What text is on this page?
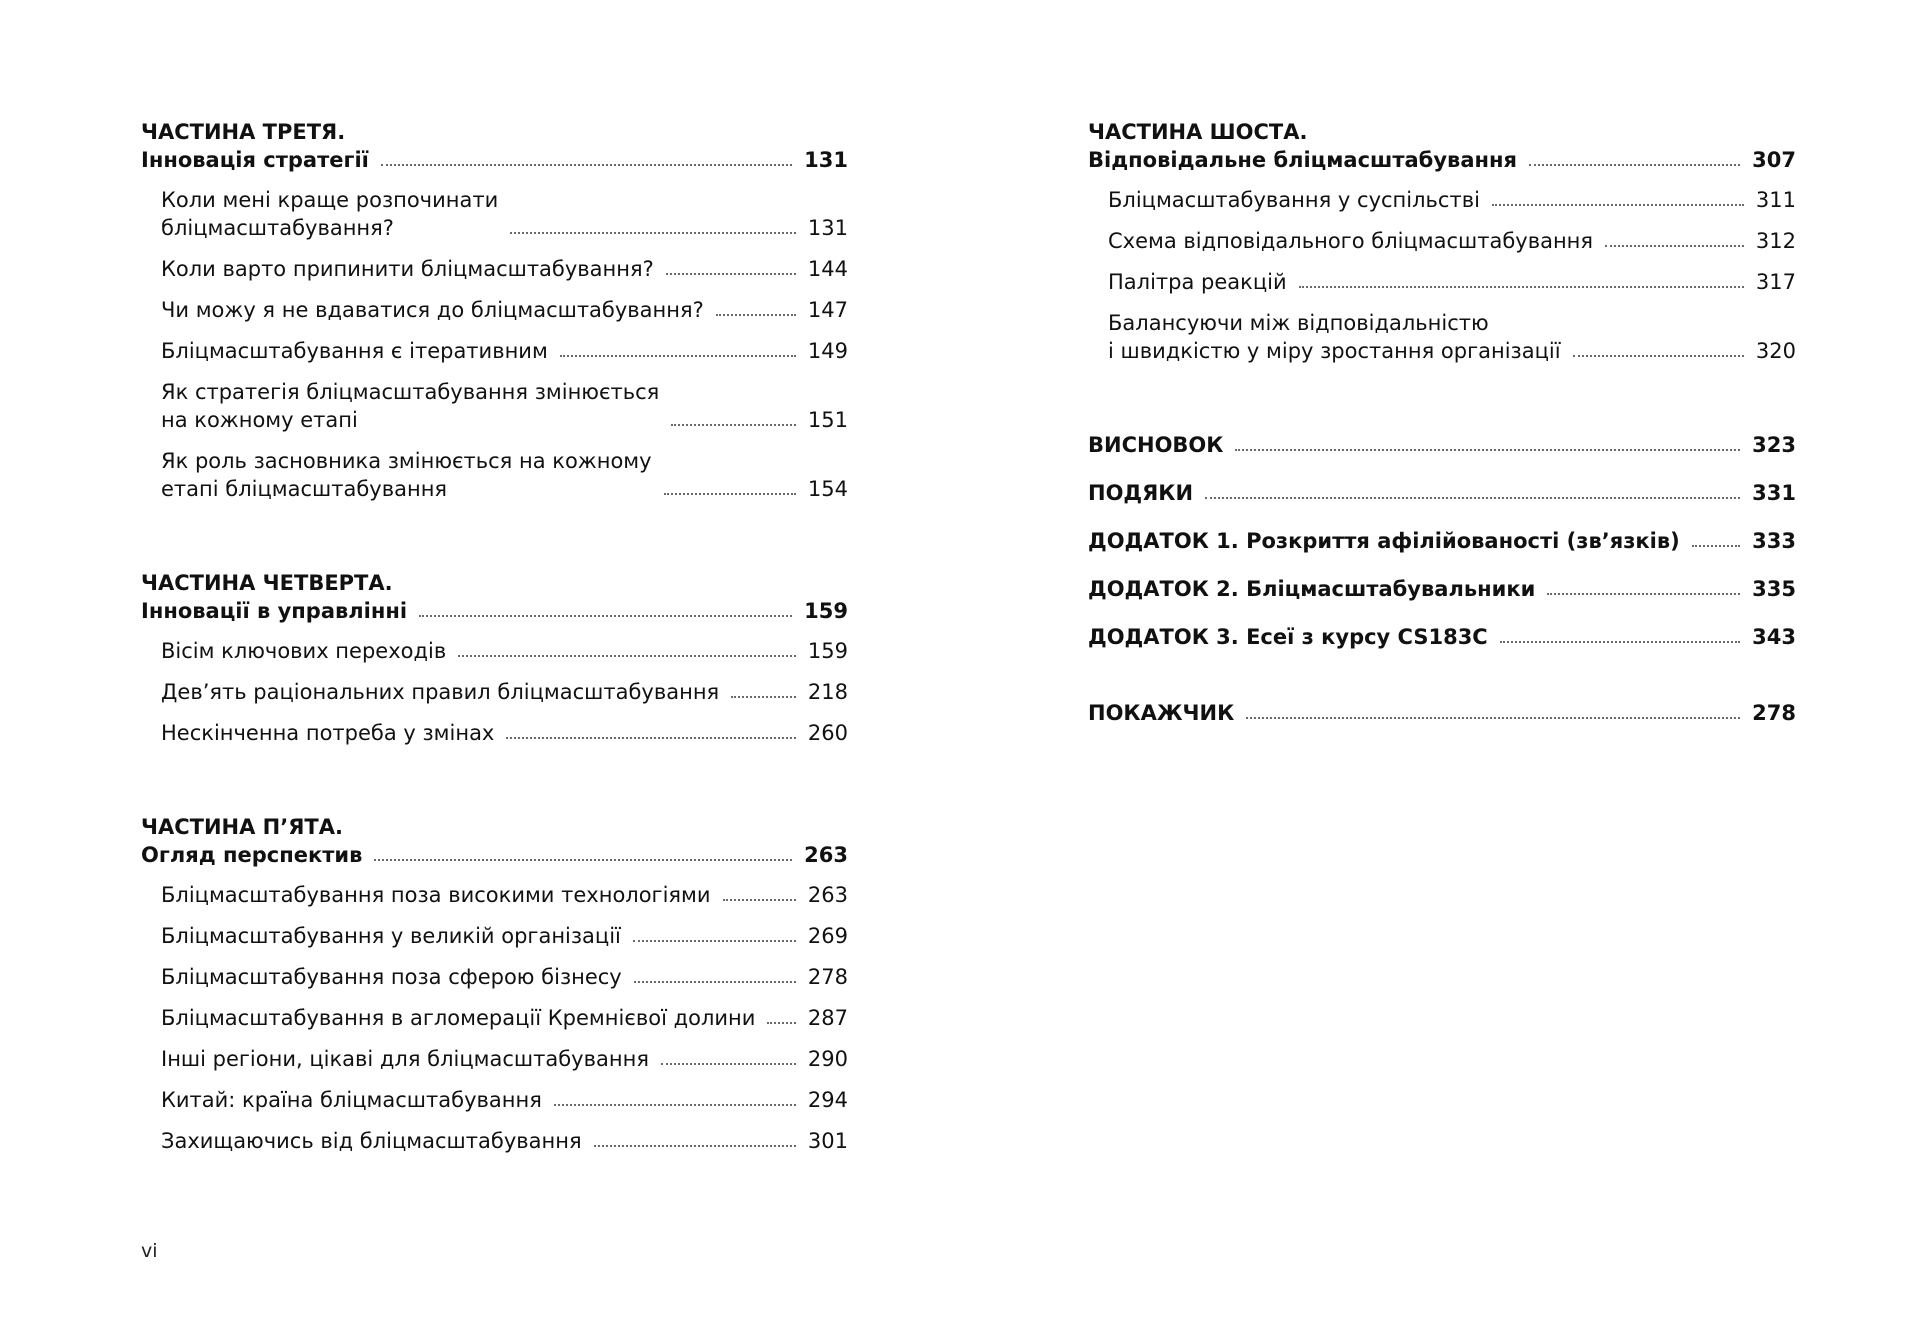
ЧАСТИНА ТРЕТЯ.
Інновація стратегії	131
Коли мені краще розпочинати
бліцмасштабування?	131
Коли варто припинити бліцмасштабування?	144
Чи можу я не вдаватися до бліцмасштабування?	147
Бліцмасштабування є ітеративним	149
Як стратегія бліцмасштабування змінюється
на кожному етапі	151
Як роль засновника змінюється на кожному
етапі бліцмасштабування	154
ЧАСТИНА ЧЕТВЕРТА.
Інновації в управлінні	159
Вісім ключових переходів	159
Дев’ять раціональних правил бліцмасштабування	218
Нескінченна потреба у змінах	260
ЧАСТИНА П’ЯТА.
Огляд перспектив	263
Бліцмасштабування поза високими технологіями	263
Бліцмасштабування у великій організації	269
Бліцмасштабування поза сферою бізнесу	278
Бліцмасштабування в агломерації Кремнієвої долини	287
Інші регіони, цікаві для бліцмасштабування	290
Китай: країна бліцмасштабування	294
Захищаючись від бліцмасштабування	301
ЧАСТИНА ШОСТА.
Відповідальне бліцмасштабування	307
Бліцмасштабування у суспільстві	311
Схема відповідального бліцмасштабування	312
Палітра реакцій	317
Балансуючи між відповідальністю
і швидкістю у міру зростання організації	320
ВИСНОВОК	323
ПОДЯКИ	331
ДОДАТОК 1. Розкриття афілійованості (зв’язків)	333
ДОДАТОК 2. Бліцмасштабувальники	335
ДОДАТОК 3. Есеї з курсу CS183C	343
ПОКАЖЧИК	278
vi
